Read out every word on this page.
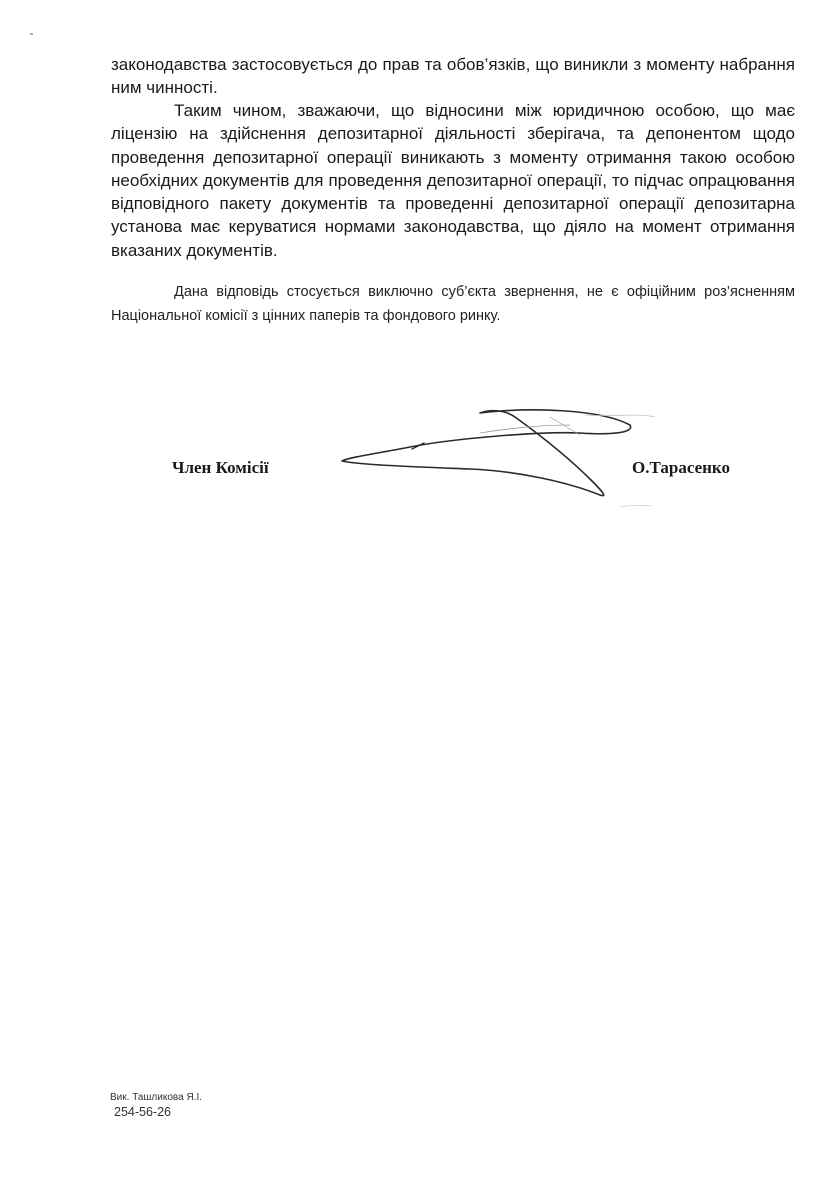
законодавства застосовується до прав та обов’язків, що виникли з моменту набрання ним чинності.

Таким чином, зважаючи, що відносини між юридичною особою, що має ліцензію на здійснення депозитарної діяльності зберігача, та депонентом щодо проведення депозитарної операції виникають з моменту отримання такою особою необхідних документів для проведення депозитарної операції, то підчас опрацювання відповідного пакету документів та проведенні депозитарної операції депозитарна установа має керуватися нормами законодавства, що діяло на момент отримання вказаних документів.

Дана відповідь стосується виключно суб’єкта звернення, не є офіційним роз’ясненням Національної комісії з цінних паперів та фондового ринку.

Член Комісії	О.Тарасенко
Вик. Ташликова Я.І.
254-56-26
